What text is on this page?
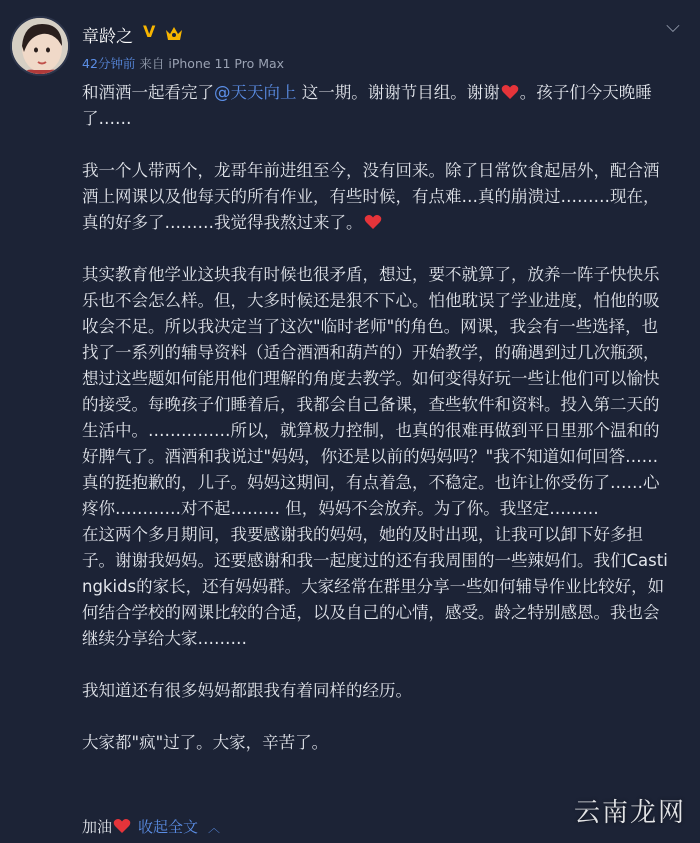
章龄之 V	⌵
42分钟前 来自 iPhone 11 Pro Max

和酒酒一起看完了@天天向上 这一期。谢谢节目组。谢谢 。孩子们今天晚睡了……

我一个人带两个，龙哥年前进组至今，没有回来。除了日常饮食起居外，配合酒酒上网课以及他每天的所有作业，有些时候，有点难…真的崩溃过………现在，真的好多了………我觉得我熬过来了。

其实教育他学业这块我有时候也很矛盾，想过，要不就算了，放养一阵子快快乐乐也不会怎么样。但，大多时候还是狠不下心。怕他耽误了学业进度，怕他的吸收会不足。所以我决定当了这次"临时老师"的角色。网课，我会有一些选择，也找了一系列的辅导资料（适合酒酒和葫芦的）开始教学，的确遇到过几次瓶颈，想过这些题如何能用他们理解的角度去教学。如何变得好玩一些让他们可以愉快的接受。每晚孩子们睡着后，我都会自己备课，查些软件和资料。投入第二天的生活中。……………所以，就算极力控制，也真的很难再做到平日里那个温和的好脾气了。酒酒和我说过"妈妈，你还是以前的妈妈吗？"我不知道如何回答……真的挺抱歉的，儿子。妈妈这期间，有点着急，不稳定。也许让你受伤了……心疼你…………对不起……… 但，妈妈不会放弃。为了你。我坚定………

在这两个多月期间，我要感谢我的妈妈，她的及时出现，让我可以卸下好多担子。谢谢我妈妈。还要感谢和我一起度过的还有我周围的一些辣妈们。我们Castingkids的家长，还有妈妈群。大家经常在群里分享一些如何辅导作业比较好，如何结合学校的网课比较的合适，以及自己的心情，感受。龄之特别感恩。我也会继续分享给大家………

我知道还有很多妈妈都跟我有着同样的经历。

大家都"疯"过了。大家，辛苦了。

加油 收起全文 ︿	云南龙网
